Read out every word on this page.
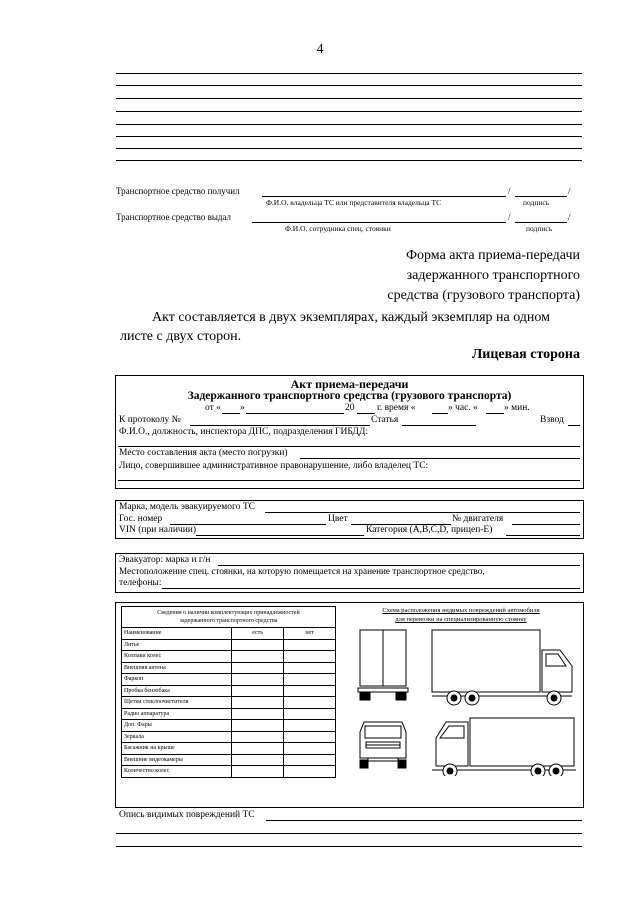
4
Транспортное средство получил	/	/
Ф.И.О. владельца ТС или представителя владельца ТС	подпись
Транспортное средство выдал	/	/
Ф.И.О. сотрудника спец. стоянки	подпись
Форма акта приема-передачи
задержанного транспортного
средства (грузового транспорта)
Акт составляется в двух экземплярах, каждый экземпляр на одном листе с двух сторон.
Лицевая сторона
Акт приема-передачи
Задержанного транспортного средства (грузового транспорта)
от « »	20 г. время «	» час. «	» мин.
К протоколу №	Статья	Взвод
Ф.И.О., должность, инспектора ДПС, подразделения ГИБДД:
Место составления акта (место погрузки)
Лицо, совершившее административное правонарушение, либо владелец ТС:
Марка, модель эвакуируемого ТС
Гос. номер	Цвет	№ двигателя
VIN (при наличии)	Категория (А,В,С,D, прицеп-Е)
Эвакуатор: марка и г/н
Местоположение спец. стоянки, на которую помещается на хранение транспортное средство,
телефоны:
Сведения о наличии комплектующих принадлежностей
задержанного транспортного средства		
Наименование	есть	нет
Литье		
Колпаки колес		
Внешняя антена		
Фаркоп		
Пробка бензобака		
Щетки стеклоочистителя		
Радио аппаратура		
Доп. Фары		
Зеркала		
Багажник на крыше		
Внешние видеокамеры		
Количество колес		
Схема расположения видимых повреждений автомобиля
для перевозки на специализированную стоянку
Опись видимых повреждений ТС
